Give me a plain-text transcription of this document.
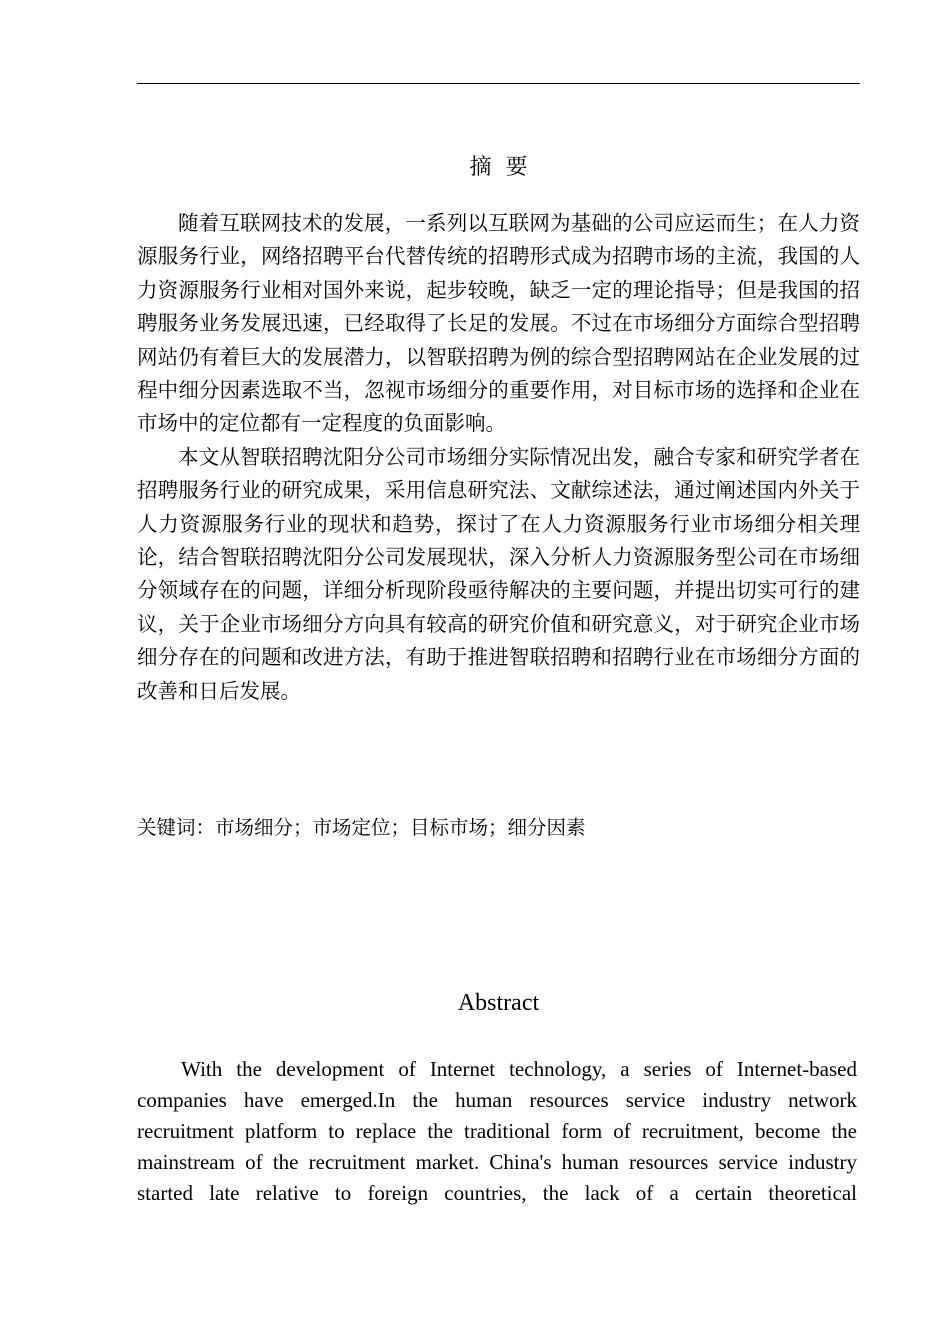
摘要

随着互联网技术的发展，一系列以互联网为基础的公司应运而生；在人力资源服务行业，网络招聘平台代替传统的招聘形式成为招聘市场的主流，我国的人力资源服务行业相对国外来说，起步较晚，缺乏一定的理论指导；但是我国的招聘服务业务发展迅速，已经取得了长足的发展。不过在市场细分方面综合型招聘网站仍有着巨大的发展潜力，以智联招聘为例的综合型招聘网站在企业发展的过程中细分因素选取不当，忽视市场细分的重要作用，对目标市场的选择和企业在市场中的定位都有一定程度的负面影响。

本文从智联招聘沈阳分公司市场细分实际情况出发，融合专家和研究学者在招聘服务行业的研究成果，采用信息研究法、文献综述法，通过阐述国内外关于人力资源服务行业的现状和趋势，探讨了在人力资源服务行业市场细分相关理论，结合智联招聘沈阳分公司发展现状，深入分析人力资源服务型公司在市场细分领域存在的问题，详细分析现阶段亟待解决的主要问题，并提出切实可行的建议，关于企业市场细分方向具有较高的研究价值和研究意义，对于研究企业市场细分存在的问题和改进方法，有助于推进智联招聘和招聘行业在市场细分方面的改善和日后发展。

关键词：市场细分；市场定位；目标市场；细分因素
Abstract

With the development of Internet technology, a series of Internet-based companies have emerged.In the human resources service industry network recruitment platform to replace the traditional form of recruitment, become the mainstream of the recruitment market. China's human resources service industry started late relative to foreign countries, the lack of a certain theoretical
